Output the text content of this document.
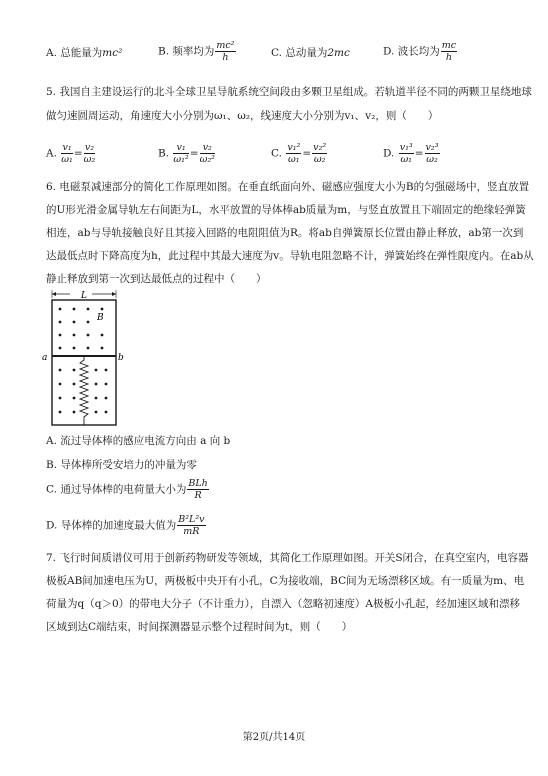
A. 总能量为mc²	B. 频率均为 $\frac{\text{mc²}}{h}$	C. 总动量为2mc	D. 波长均为 $\frac{mc}{h}$
5. 我国自主建设运行的北斗全球卫星导航系统空间段由多颗卫星组成。若轨道半径不同的两颗卫星绕地球
做匀速圆周运动，角速度大小分别为ω₁、ω₂，线速度大小分别为v₁、v₂，则（　　）
A. $\frac{\text{v₁}}{\text{ω₁}} = \frac{\text{v₂}}{\text{ω₂}}$	B. $\frac{\text{v₁}}{\text{ω₁²}} = \frac{\text{v₂}}{\text{ω₂²}}$	C. $\frac{\text{v₁²}}{\text{ω₁}} = \frac{\text{v₂²}}{\text{ω₂}}$	D. $\frac{\text{v₁³}}{\text{ω₁}} = \frac{\text{v₂³}}{\text{ω₂}}$
6. 电磁泵减速部分的简化工作原理如图。在垂直纸面向外、磁感应强度大小为B的匀强磁场中，竖直放置
的U形光滑金属导轨左右间距为L，水平放置的导体棒ab质量为m，与竖直放置且下端固定的绝缘轻弹簧
相连，ab与导轨接触良好且其接入回路的电阻阻值为R。将ab自弹簧原长位置由静止释放，ab第一次到
达最低点时下降高度为h，此过程中其最大速度为v。导轨电阻忽略不计，弹簧始终在弹性限度内。在ab从
静止释放到第一次到达最低点的过程中（　　）
L
a	b
B
A. 流过导体棒的感应电流方向由 a 向 b
B. 导体棒所受安培力的冲量为零
C. 通过导体棒的电荷量大小为 $\frac{\text{BLh}}{R}$
D. 导体棒的加速度最大值为 $\frac{\text{B²L²v}}{mR}$
7. 飞行时间质谱仪可用于创新药物研发等领域，其简化工作原理如图。开关S闭合，在真空室内，电容器
极板AB间加速电压为U，两极板中央开有小孔，C为接收端，BC间为无场漂移区域。有一质量为m、电
荷量为q（q＞0）的带电大分子（不计重力），自漂入（忽略初速度）A极板小孔起，经加速区域和漂移
区域到达C端结束，时间探测器显示整个过程时间为t，则（　　）
第2页/共14页
